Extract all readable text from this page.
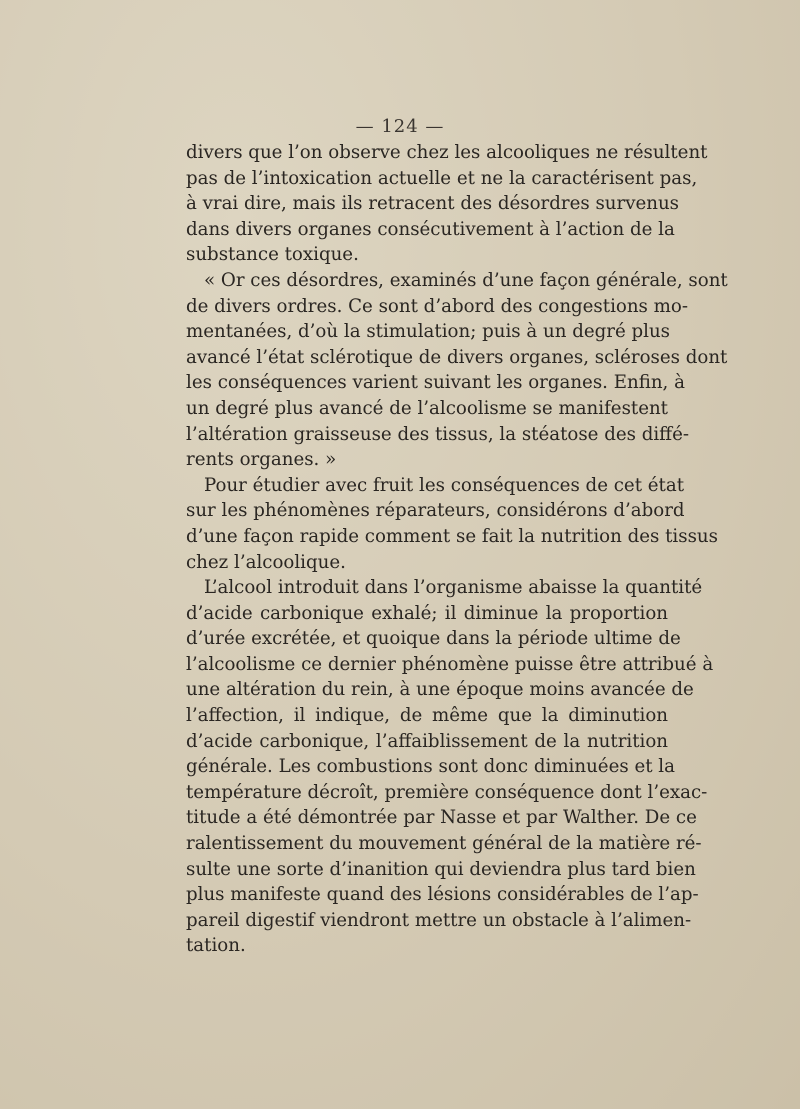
— 124 —
divers que l’on observe chez les alcooliques ne résultent
pas de l’intoxication actuelle et ne la caractérisent pas,
à vrai dire, mais ils retracent des désordres survenus
dans divers organes consécutivement à l’action de la
substance toxique.
« Or ces désordres, examinés d’une façon générale, sont
de divers ordres. Ce sont d’abord des congestions mo-
mentanées, d’où la stimulation; puis à un degré plus
avancé l’état sclérotique de divers organes, scléroses dont
les conséquences varient suivant les organes. Enfin, à
un degré plus avancé de l’alcoolisme se manifestent
l’altération graisseuse des tissus, la stéatose des diffé-
rents organes. »
Pour étudier avec fruit les conséquences de cet état
sur les phénomènes réparateurs, considérons d’abord
d’une façon rapide comment se fait la nutrition des tissus
chez l’alcoolique.
L’alcool introduit dans l’organisme abaisse la quantité
d’acide carbonique exhalé; il diminue la proportion
d’urée excrétée, et quoique dans la période ultime de
l’alcoolisme ce dernier phénomène puisse être attribué à
une altération du rein, à une époque moins avancée de
l’affection, il indique, de même que la diminution
d’acide carbonique, l’affaiblissement de la nutrition
générale. Les combustions sont donc diminuées et la
température décroît, première conséquence dont l’exac-
titude a été démontrée par Nasse et par Walther. De ce
ralentissement du mouvement général de la matière ré-
sulte une sorte d’inanition qui deviendra plus tard bien
plus manifeste quand des lésions considérables de l’ap-
pareil digestif viendront mettre un obstacle à l’alimen-
tation.
